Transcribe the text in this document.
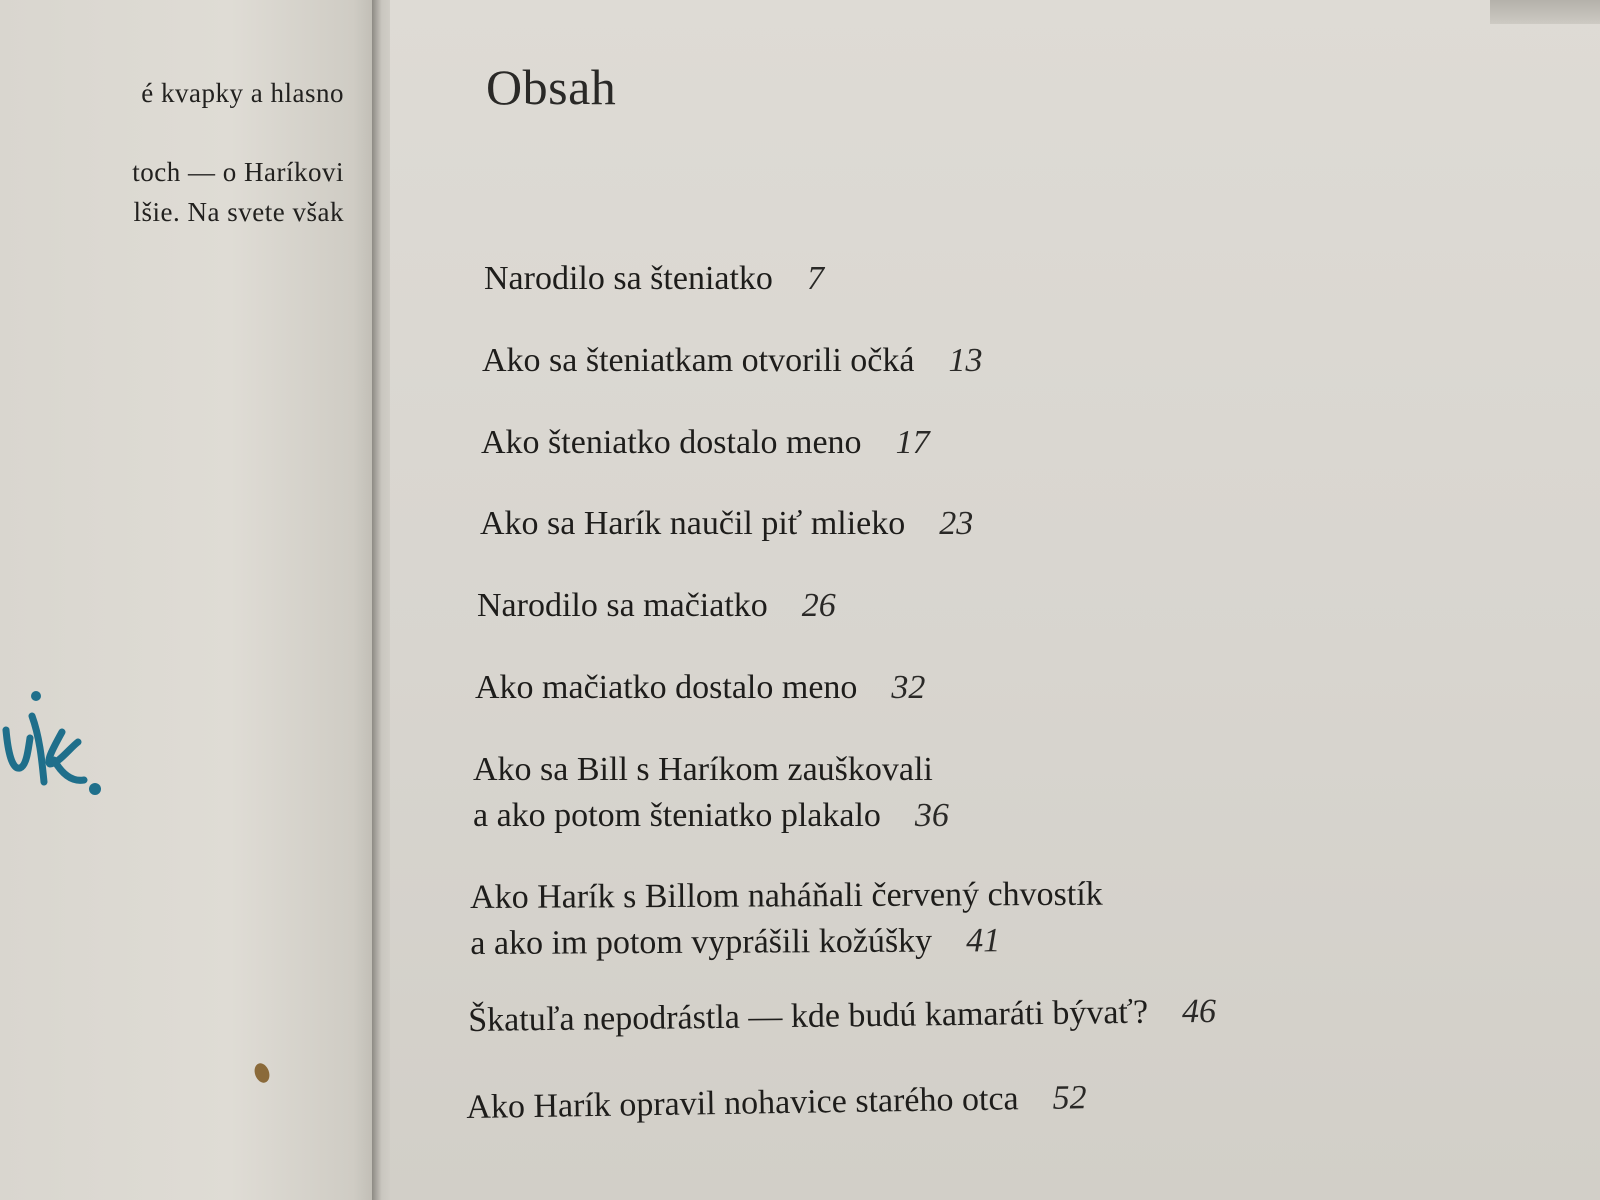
é kvapky a hlasno
toch — o Haríkovi
lšie. Na svete však
Obsah
Narodilo sa šteniatko 7
Ako sa šteniatkam otvorili očká 13
Ako šteniatko dostalo meno 17
Ako sa Harík naučil piť mlieko 23
Narodilo sa mačiatko 26
Ako mačiatko dostalo meno 32
Ako sa Bill s Haríkom zauškovali
a ako potom šteniatko plakalo 36
Ako Harík s Billom naháňali červený chvostík
a ako im potom vyprášili kožúšky 41
Škatuľa nepodrástla — kde budú kamaráti bývať? 46
Ako Harík opravil nohavice starého otca 52
